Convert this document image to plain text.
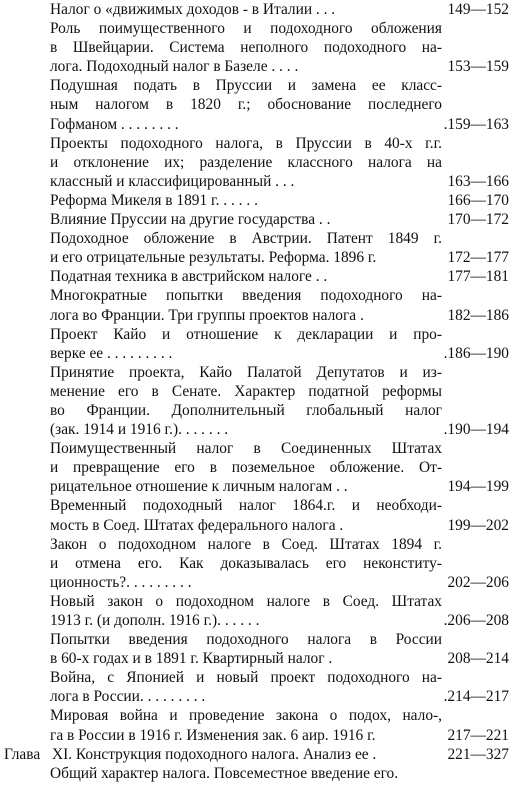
Налог о «движимых доходов - в Италии . . .	149—152
Роль поимущественного и подоходного обложения
в Швейцарии. Система неполного подоходного на-
лога. Подоходный налог в Базеле . . . .	153—159
Подушная подать в Пруссии и замена ее класс-
ным налогом в 1820 г.; обоснование последнего
Гофманом . . . . . . . .	.159—163
Проекты подоходного налога, в Пруссии в 40-х г.г.
и отклонение их; разделение классного налога на
классный и классифицированный . . .	163—166
Реформа Микеля в 1891 г. . . . . .	166—170
Влияние Пруссии на другие государства . .	170—172
Подоходное обложение в Австрии. Патент 1849 г.
и его отрицательные результаты. Реформа. 1896 г.	172—177
Податная техника в австрийском налоге . .	177—181
Многократные попытки введения подоходного на-
лога во Франции. Три группы проектов налога .	182—186
Проект Кайо и отношение к декларации и про-
верке ее . . . . . . . . .	.186—190
Принятие проекта, Кайо Палатой Депутатов и из-
менение его в Сенате. Характер податной реформы
во Франции. Дополнительный глобальный налог
(зак. 1914 и 1916 г.). . . . . . .	.190—194
Поимущественный налог в Соединенных Штатах
и превращение его в поземельное обложение. От-
рицательное отношение к личным налогам . .	194—199
Временный подоходный налог 1864.г. и необходи-
мость в Соед. Штатах федерального налога .	199—202
Закон о подоходном налоге в Соед. Штатах 1894 г.
и отмена его. Как доказывалась его неконститу-
ционность?. . . . . . . . .	202—206
Новый закон о подоходном налоге в Соед. Штатах
1913 г. (и дополн. 1916 г.). . . . . .	.206—208
Попытки введения подоходного налога в России
в 60-х годах и в 1891 г. Квартирный налог .	208—214
Война, с Японией и новый проект подоходного на-
лога в России. . . . . . . . .	.214—217
Мировая война и проведение закона о подох, нало-,
га в России в 1916 г. Изменения зак. 6 аир. 1916 г.	217—221
Глава XI. Конструкция подоходного налога. Анализ ее .	221—327
Общий характер налога. Повсеместное введение его.
